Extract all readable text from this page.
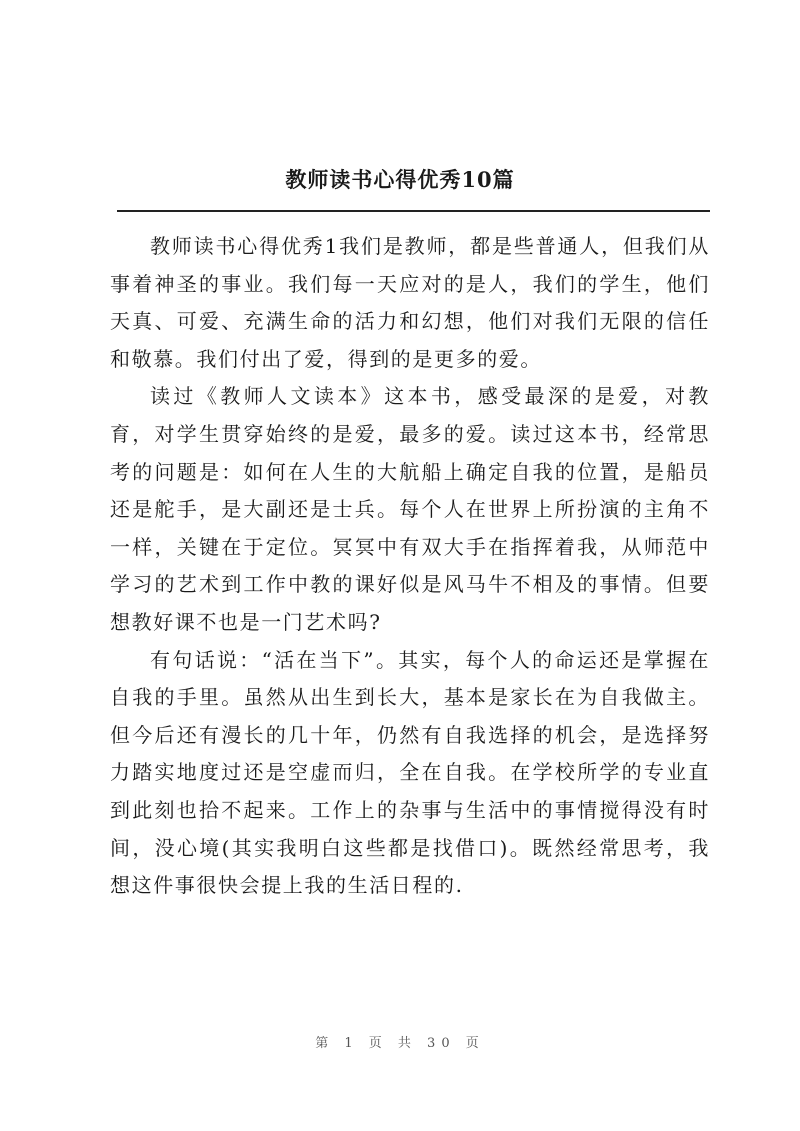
教师读书心得优秀10篇

教师读书心得优秀1我们是教师，都是些普通人，但我们从事着神圣的事业。我们每一天应对的是人，我们的学生，他们天真、可爱、充满生命的活力和幻想，他们对我们无限的信任和敬慕。我们付出了爱，得到的是更多的爱。

读过《教师人文读本》这本书，感受最深的是爱，对教育，对学生贯穿始终的是爱，最多的爱。读过这本书，经常思考的问题是：如何在人生的大航船上确定自我的位置，是船员还是舵手，是大副还是士兵。每个人在世界上所扮演的主角不一样，关键在于定位。冥冥中有双大手在指挥着我，从师范中学习的艺术到工作中教的课好似是风马牛不相及的事情。但要想教好课不也是一门艺术吗?

有句话说：“活在当下”。其实，每个人的命运还是掌握在自我的手里。虽然从出生到长大，基本是家长在为自我做主。但今后还有漫长的几十年，仍然有自我选择的机会，是选择努力踏实地度过还是空虚而归，全在自我。在学校所学的专业直到此刻也拾不起来。工作上的杂事与生活中的事情搅得没有时间，没心境(其实我明白这些都是找借口)。既然经常思考，我想这件事很快会提上我的生活日程的.

第 1 页 共 30 页
